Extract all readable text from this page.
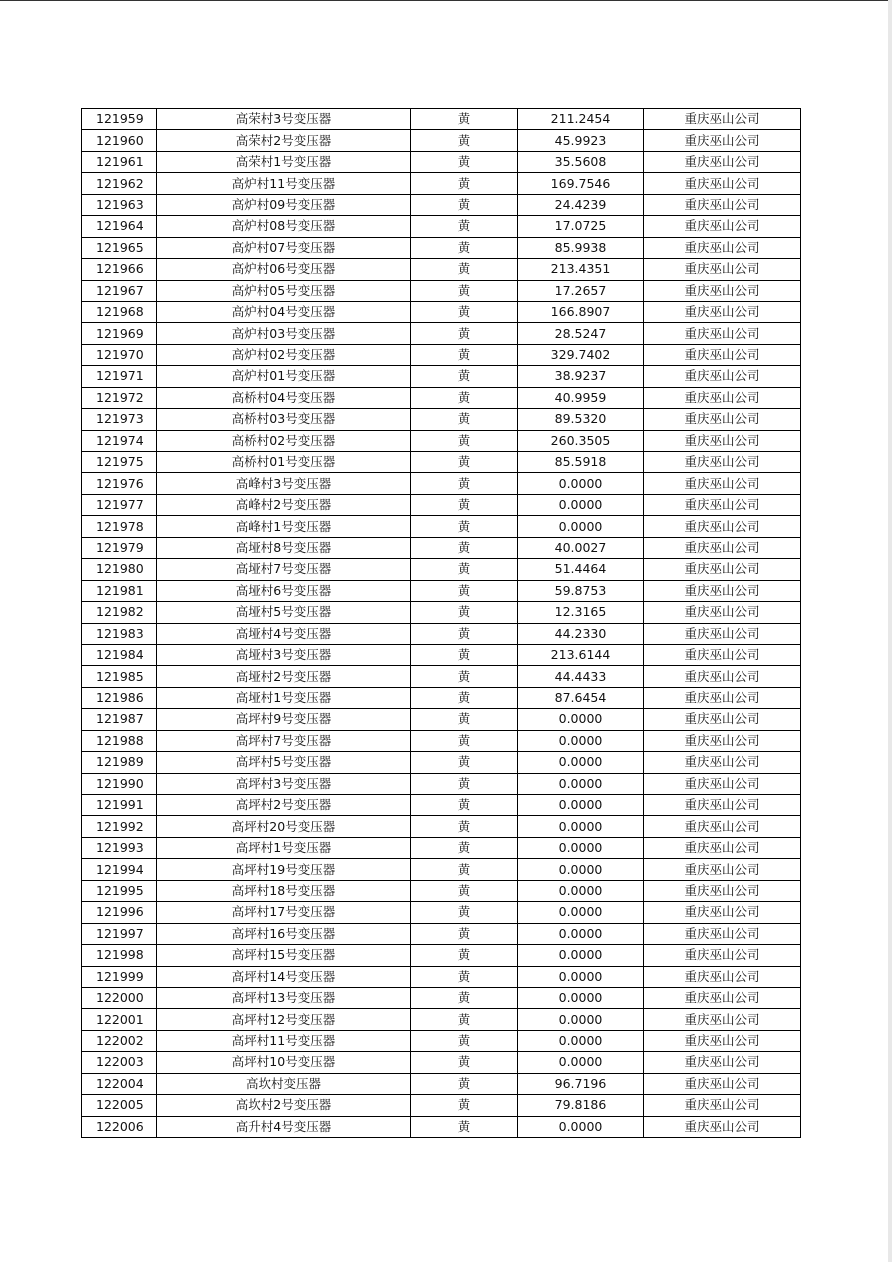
121959	高荣村3号变压器	黄	211.2454	重庆巫山公司
121960	高荣村2号变压器	黄	45.9923	重庆巫山公司
121961	高荣村1号变压器	黄	35.5608	重庆巫山公司
121962	高炉村11号变压器	黄	169.7546	重庆巫山公司
121963	高炉村09号变压器	黄	24.4239	重庆巫山公司
121964	高炉村08号变压器	黄	17.0725	重庆巫山公司
121965	高炉村07号变压器	黄	85.9938	重庆巫山公司
121966	高炉村06号变压器	黄	213.4351	重庆巫山公司
121967	高炉村05号变压器	黄	17.2657	重庆巫山公司
121968	高炉村04号变压器	黄	166.8907	重庆巫山公司
121969	高炉村03号变压器	黄	28.5247	重庆巫山公司
121970	高炉村02号变压器	黄	329.7402	重庆巫山公司
121971	高炉村01号变压器	黄	38.9237	重庆巫山公司
121972	高桥村04号变压器	黄	40.9959	重庆巫山公司
121973	高桥村03号变压器	黄	89.5320	重庆巫山公司
121974	高桥村02号变压器	黄	260.3505	重庆巫山公司
121975	高桥村01号变压器	黄	85.5918	重庆巫山公司
121976	高峰村3号变压器	黄	0.0000	重庆巫山公司
121977	高峰村2号变压器	黄	0.0000	重庆巫山公司
121978	高峰村1号变压器	黄	0.0000	重庆巫山公司
121979	高垭村8号变压器	黄	40.0027	重庆巫山公司
121980	高垭村7号变压器	黄	51.4464	重庆巫山公司
121981	高垭村6号变压器	黄	59.8753	重庆巫山公司
121982	高垭村5号变压器	黄	12.3165	重庆巫山公司
121983	高垭村4号变压器	黄	44.2330	重庆巫山公司
121984	高垭村3号变压器	黄	213.6144	重庆巫山公司
121985	高垭村2号变压器	黄	44.4433	重庆巫山公司
121986	高垭村1号变压器	黄	87.6454	重庆巫山公司
121987	高坪村9号变压器	黄	0.0000	重庆巫山公司
121988	高坪村7号变压器	黄	0.0000	重庆巫山公司
121989	高坪村5号变压器	黄	0.0000	重庆巫山公司
121990	高坪村3号变压器	黄	0.0000	重庆巫山公司
121991	高坪村2号变压器	黄	0.0000	重庆巫山公司
121992	高坪村20号变压器	黄	0.0000	重庆巫山公司
121993	高坪村1号变压器	黄	0.0000	重庆巫山公司
121994	高坪村19号变压器	黄	0.0000	重庆巫山公司
121995	高坪村18号变压器	黄	0.0000	重庆巫山公司
121996	高坪村17号变压器	黄	0.0000	重庆巫山公司
121997	高坪村16号变压器	黄	0.0000	重庆巫山公司
121998	高坪村15号变压器	黄	0.0000	重庆巫山公司
121999	高坪村14号变压器	黄	0.0000	重庆巫山公司
122000	高坪村13号变压器	黄	0.0000	重庆巫山公司
122001	高坪村12号变压器	黄	0.0000	重庆巫山公司
122002	高坪村11号变压器	黄	0.0000	重庆巫山公司
122003	高坪村10号变压器	黄	0.0000	重庆巫山公司
122004	高坎村变压器	黄	96.7196	重庆巫山公司
122005	高坎村2号变压器	黄	79.8186	重庆巫山公司
122006	高升村4号变压器	黄	0.0000	重庆巫山公司
